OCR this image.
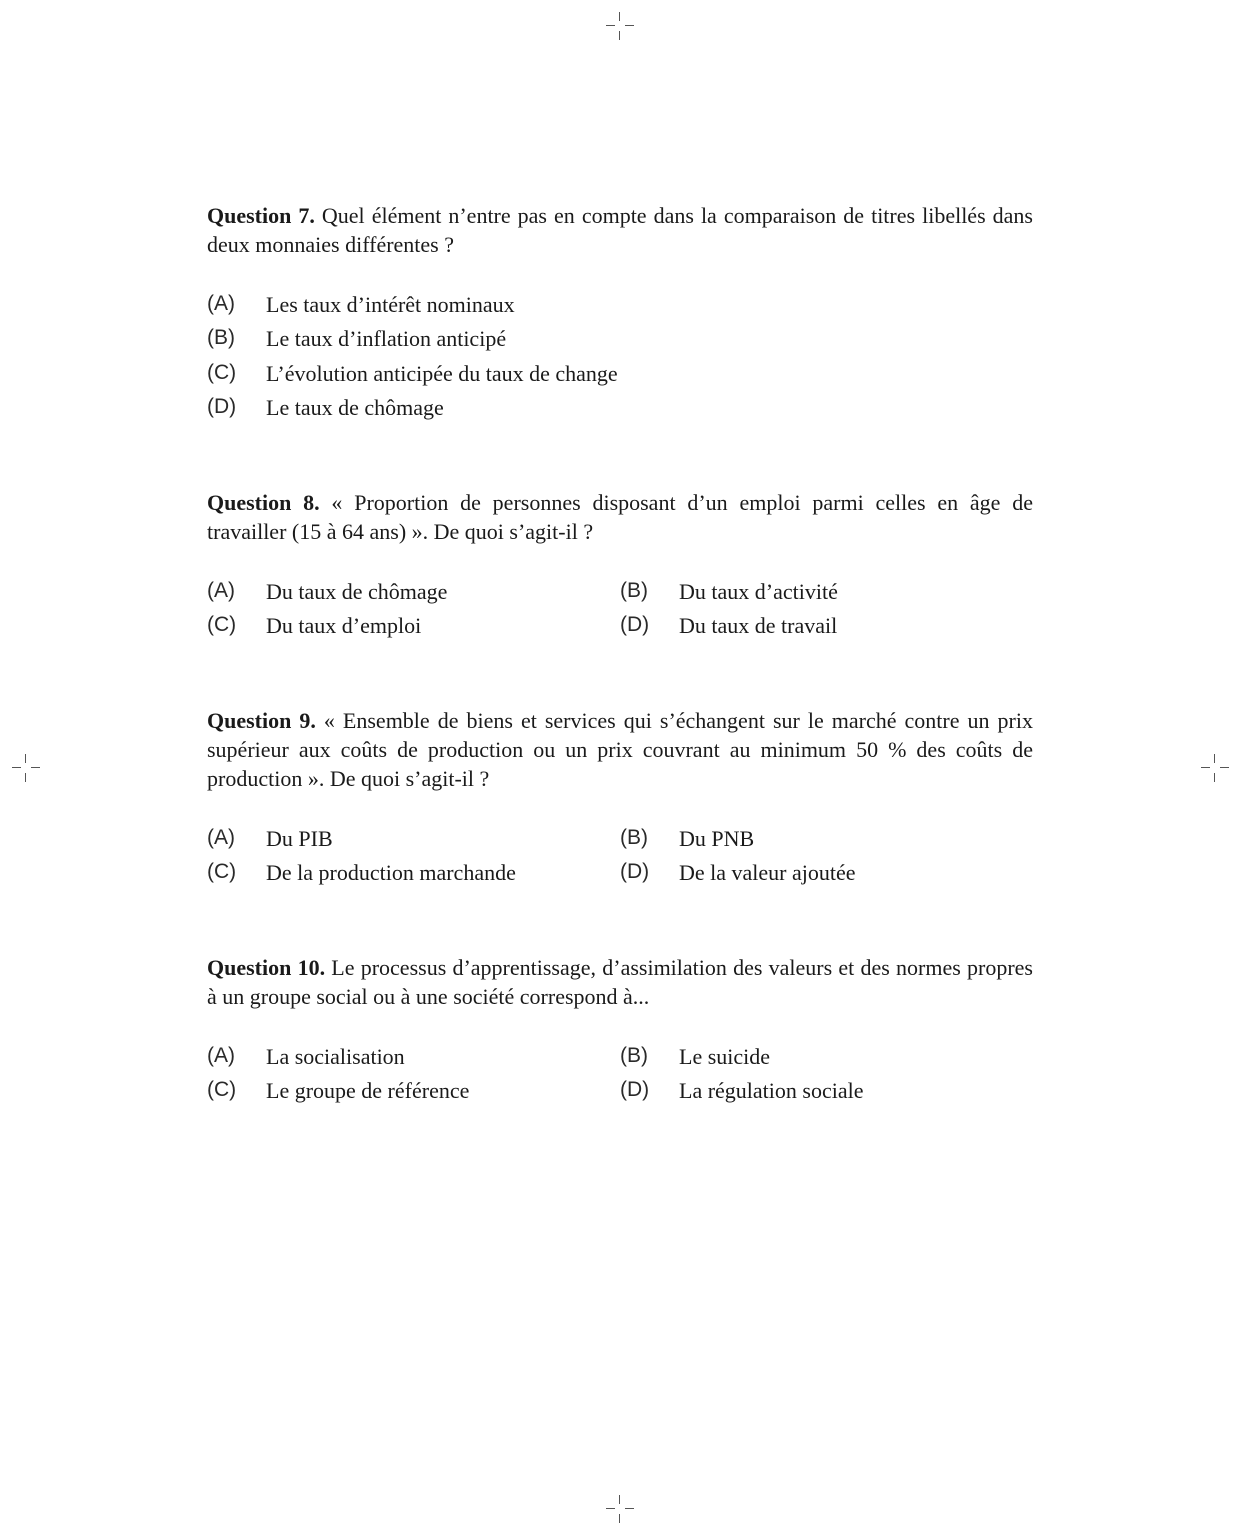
Question 7. Quel élément n’entre pas en compte dans la comparaison de titres libellés dans deux monnaies différentes ?
(A) Les taux d’intérêt nominaux
(B) Le taux d’inflation anticipé
(C) L’évolution anticipée du taux de change
(D) Le taux de chômage
Question 8. « Proportion de personnes disposant d’un emploi parmi celles en âge de travailler (15 à 64 ans) ». De quoi s’agit-il ?
(A) Du taux de chômage	(B) Du taux d’activité
(C) Du taux d’emploi	(D) Du taux de travail
Question 9. « Ensemble de biens et services qui s’échangent sur le marché contre un prix supérieur aux coûts de production ou un prix couvrant au minimum 50 % des coûts de production ». De quoi s’agit-il ?
(A) Du PIB	(B) Du PNB
(C) De la production marchande	(D) De la valeur ajoutée
Question 10. Le processus d’apprentissage, d’assimilation des valeurs et des normes propres à un groupe social ou à une société correspond à...
(A) La socialisation	(B) Le suicide
(C) Le groupe de référence	(D) La régulation sociale
